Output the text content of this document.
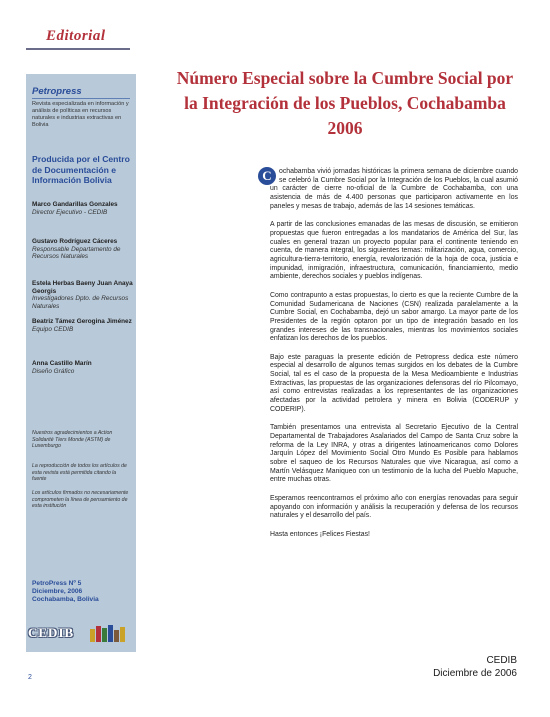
Editorial
Petropress
Revista especializada en información y análisis de políticas en recursos naturales e industrias extractivas en Bolivia
Producida por el Centro de Documentación e Información Bolivia
Marco Gandarillas Gonzales
Director Ejecutivo - CEDIB
Gustavo Rodríguez Cáceres
Responsable Departamento de Recursos Naturales
Estela Herbas Baeny Juan Anaya Georgis
Investigadores Dpto. de Recursos Naturales
Beatriz Támez Gerogina Jiménez
Equipo CEDIB
Anna Castillo Marín
Diseño Gráfico
Nuestros agradecimientos a Action Solidarité Tiers Monde (ASTM) de Luxemburgo
La reproducción de todos los artículos de esta revista está permitida citando la fuente
Los artículos firmados no necesariamente comprometen la línea de pensamiento de esta institución
PetroPress Nº 5
Diciembre, 2006
Cochabamba, Bolivia
CEDIB
Número Especial sobre la Cumbre Social por la Integración de los Pueblos, Cochabamba 2006

C	ochabamba vivió jornadas históricas la primera semana de diciembre cuando se celebró la Cumbre Social por la Integración de los Pueblos, la cual asumió un carácter de cierre no-oficial de la Cumbre de Cochabamba, con una asistencia de más de 4.400 personas que participaron activamente en los paneles y mesas de trabajo, además de las 14 sesiones temáticas.

A partir de las conclusiones emanadas de las mesas de discusión, se emitieron propuestas que fueron entregadas a los mandatarios de América del Sur, las cuales en general trazan un proyecto popular para el continente teniendo en cuenta, de manera integral, los siguientes temas: militarización, agua, comercio, agricultura-tierra-territorio, energía, revalorización de la hoja de coca, justicia e impunidad, inmigración, infraestructura, comunicación, financiamiento, medio ambiente, derechos sociales y pueblos indígenas.

Como contrapunto a estas propuestas, lo cierto es que la reciente Cumbre de la Comunidad Sudamericana de Naciones (CSN) realizada paralelamente a la Cumbre Social, en Cochabamba, dejó un sabor amargo. La mayor parte de los Presidentes de la región optaron por un tipo de integración basado en los grandes intereses de las transnacionales, mientras los movimientos sociales enfatizan los derechos de los pueblos.

Bajo este paraguas la presente edición de Petropress dedica este número especial al desarrollo de algunos temas surgidos en los debates de la Cumbre Social, tal es el caso de la propuesta de la Mesa Medioambiente e Industrias Extractivas, las propuestas de las organizaciones defensoras del río Pilcomayo, así como entrevistas realizadas a los representantes de las organizaciones afectadas por la actividad petrolera y minera en Bolivia (CODERUP y CODERIP).

También presentamos una entrevista al Secretario Ejecutivo de la Central Departamental de Trabajadores Asalariados del Campo de Santa Cruz sobre la reforma de la Ley INRA, y otras a dirigentes latinoamericanos como Dolores Jarquín López del Movimiento Social Otro Mundo Es Posible para hablamos sobre el saqueo de los Recursos Naturales que vive Nicaragua, así como a Martín Velásquez Maniqueo con un testimonio de la lucha del Pueblo Mapuche, entre muchas otras.

Esperamos reencontrarnos el próximo año con energías renovadas para seguir apoyando con información y análisis la recuperación y defensa de los recursos naturales y el desarrollo del país.

Hasta entonces ¡Felices Fiestas!

CEDIB
Diciembre de 2006
2
